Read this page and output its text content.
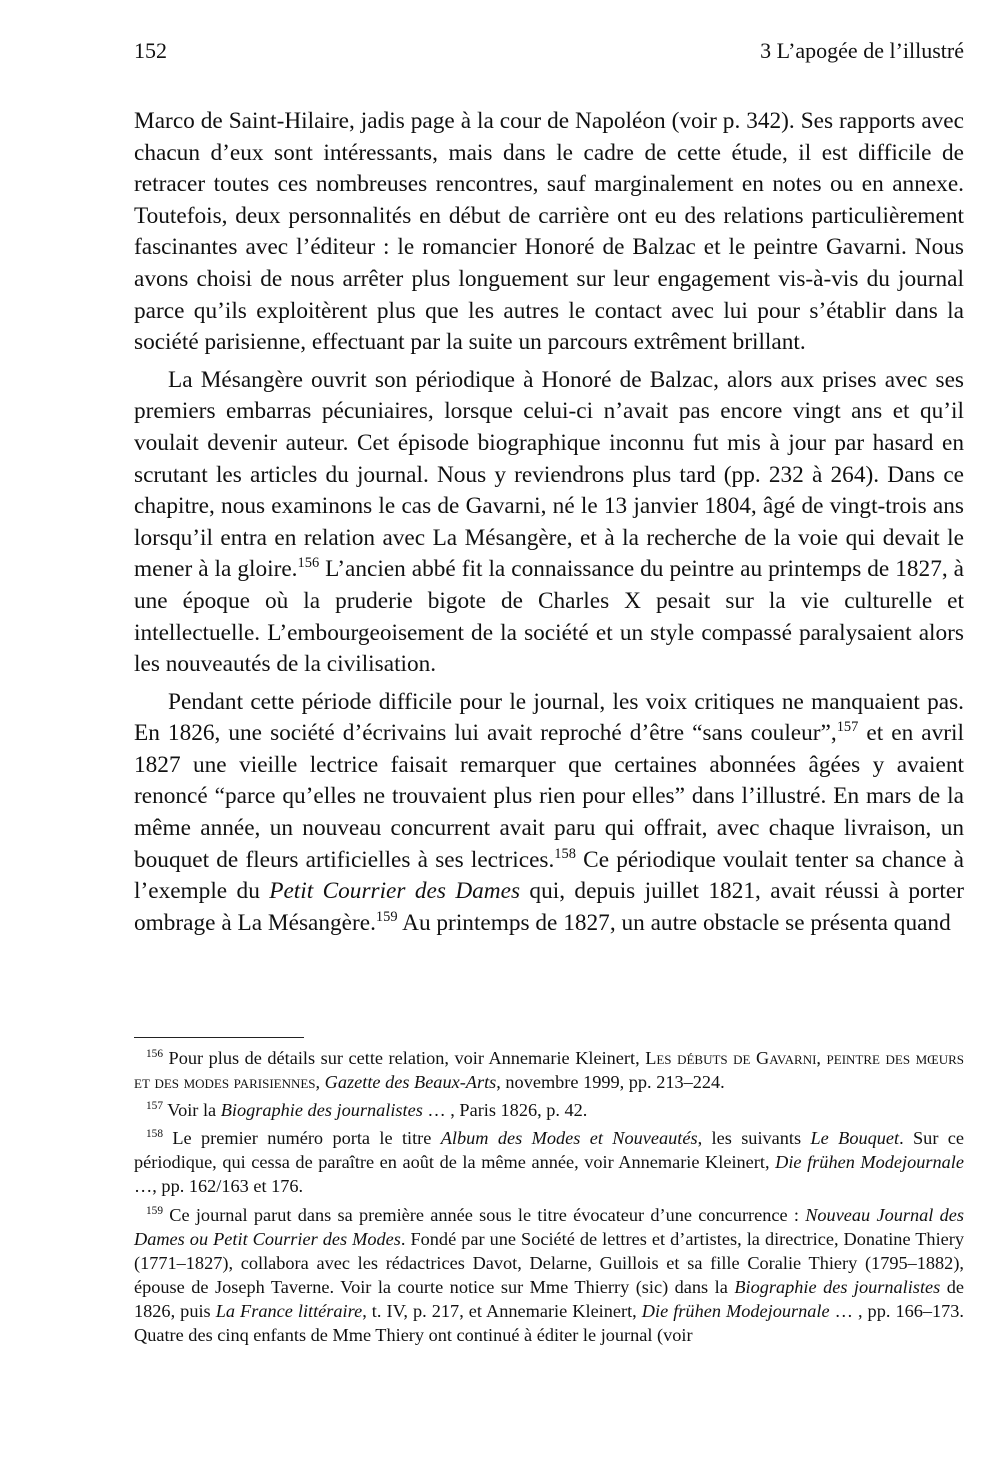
152	3 L’apogée de l’illustré

Marco de Saint-Hilaire, jadis page à la cour de Napoléon (voir p. 342). Ses rapports avec chacun d’eux sont intéressants, mais dans le cadre de cette étude, il est difficile de retracer toutes ces nombreuses rencontres, sauf marginalement en notes ou en annexe. Toutefois, deux personnalités en début de carrière ont eu des relations particulièrement fascinantes avec l’éditeur : le romancier Honoré de Balzac et le peintre Gavarni. Nous avons choisi de nous arrêter plus longuement sur leur engagement vis-à-vis du journal parce qu’ils exploitèrent plus que les autres le contact avec lui pour s’établir dans la société parisienne, effectuant par la suite un parcours extrêment brillant.

La Mésangère ouvrit son périodique à Honoré de Balzac, alors aux prises avec ses premiers embarras pécuniaires, lorsque celui-ci n’avait pas encore vingt ans et qu’il voulait devenir auteur. Cet épisode biographique inconnu fut mis à jour par hasard en scrutant les articles du journal. Nous y reviendrons plus tard (pp. 232 à 264). Dans ce chapitre, nous examinons le cas de Gavarni, né le 13 janvier 1804, âgé de vingt-trois ans lorsqu’il entra en relation avec La Mésangère, et à la recherche de la voie qui devait le mener à la gloire.$^{156}$ L’ancien abbé fit la connaissance du peintre au printemps de 1827, à une époque où la pruderie bigote de Charles X pesait sur la vie culturelle et intellectuelle. L’embourgeoisement de la société et un style compassé paralysaient alors les nouveautés de la civilisation.

Pendant cette période difficile pour le journal, les voix critiques ne manquaient pas. En 1826, une société d’écrivains lui avait reproché d’être “sans couleur”,$^{157}$ et en avril 1827 une vieille lectrice faisait remarquer que certaines abonnées âgées y avaient renoncé “parce qu’elles ne trouvaient plus rien pour elles” dans l’illustré. En mars de la même année, un nouveau concurrent avait paru qui offrait, avec chaque livraison, un bouquet de fleurs artificielles à ses lectrices.$^{158}$ Ce périodique voulait tenter sa chance à l’exemple du Petit Courrier des Dames qui, depuis juillet 1821, avait réussi à porter ombrage à La Mésangère.$^{159}$ Au printemps de 1827, un autre obstacle se présenta quand

$^{156}$ Pour plus de détails sur cette relation, voir Annemarie Kleinert, Les débuts de Gavarni, peintre des mœurs et des modes parisiennes, Gazette des Beaux-Arts, novembre 1999, pp. 213–224.

$^{157}$ Voir la Biographie des journalistes … , Paris 1826, p. 42.

$^{158}$ Le premier numéro porta le titre Album des Modes et Nouveautés, les suivants Le Bouquet. Sur ce périodique, qui cessa de paraître en août de la même année, voir Annemarie Kleinert, Die frühen Modejournale …, pp. 162/163 et 176.

$^{159}$ Ce journal parut dans sa première année sous le titre évocateur d’une concurrence : Nouveau Journal des Dames ou Petit Courrier des Modes. Fondé par une Société de lettres et d’artistes, la directrice, Donatine Thiery (1771–1827), collabora avec les rédactrices Davot, Delarne, Guillois et sa fille Coralie Thiery (1795–1882), épouse de Joseph Taverne. Voir la courte notice sur Mme Thierry (sic) dans la Biographie des journalistes de 1826, puis La France littéraire, t. IV, p. 217, et Annemarie Kleinert, Die frühen Modejournale … , pp. 166–173. Quatre des cinq enfants de Mme Thiery ont continué à éditer le journal (voir
